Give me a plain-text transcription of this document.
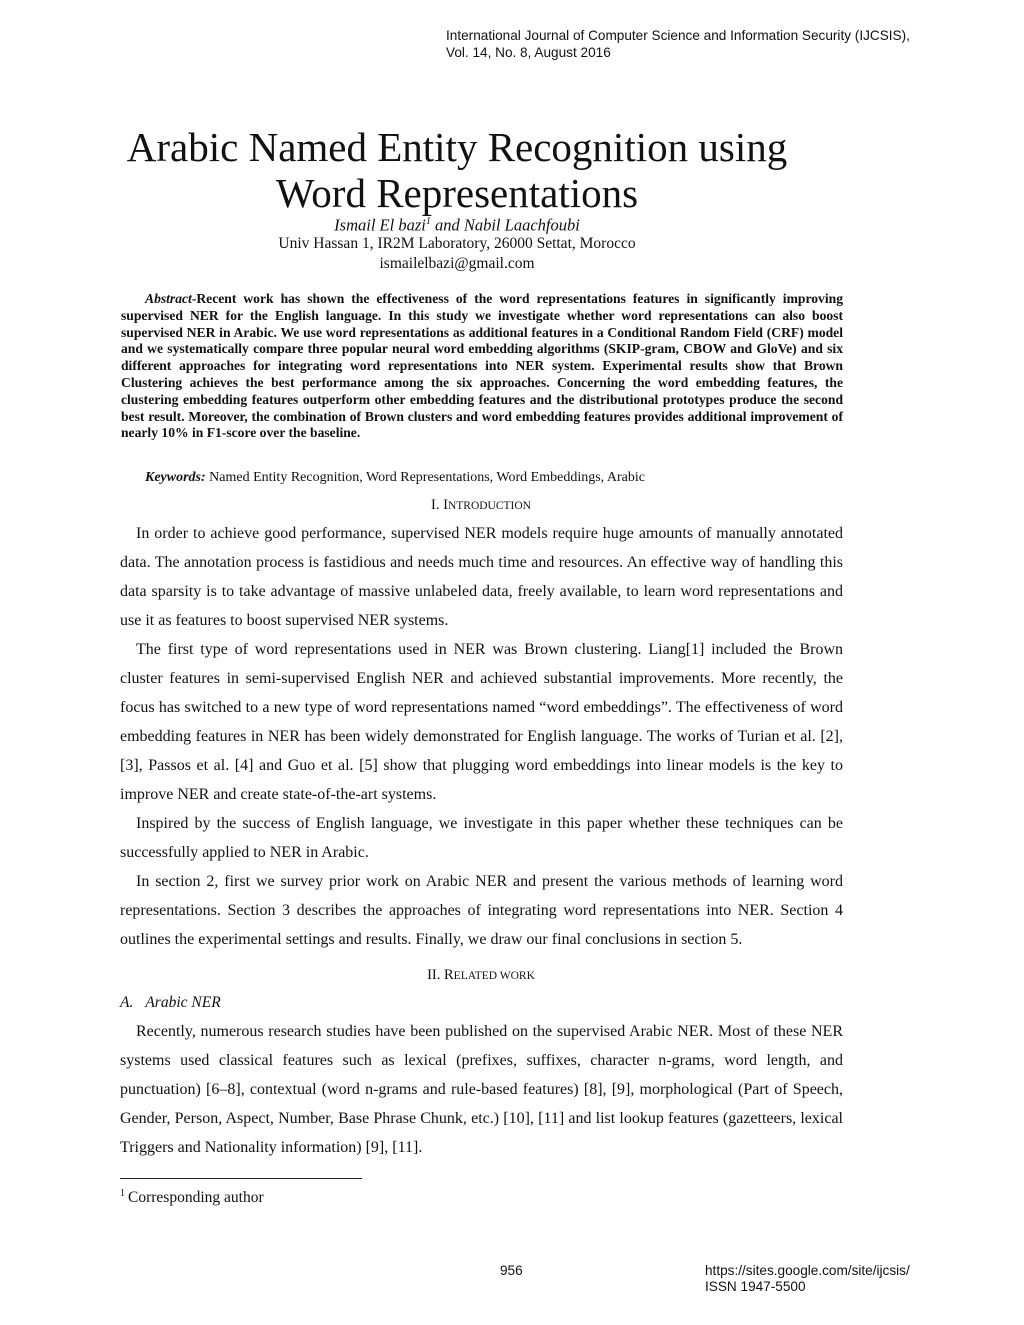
International Journal of Computer Science and Information Security (IJCSIS),
Vol. 14, No. 8, August 2016
Arabic Named Entity Recognition using
Word Representations
Ismail El bazi$^1$ and Nabil Laachfoubi
Univ Hassan 1, IR2M Laboratory, 26000 Settat, Morocco
ismailelbazi@gmail.com
Abstract-Recent work has shown the effectiveness of the word representations features in significantly improving supervised NER for the English language. In this study we investigate whether word representations can also boost supervised NER in Arabic. We use word representations as additional features in a Conditional Random Field (CRF) model and we systematically compare three popular neural word embedding algorithms (SKIP-gram, CBOW and GloVe) and six different approaches for integrating word representations into NER system. Experimental results show that Brown Clustering achieves the best performance among the six approaches. Concerning the word embedding features, the clustering embedding features outperform other embedding features and the distributional prototypes produce the second best result. Moreover, the combination of Brown clusters and word embedding features provides additional improvement of nearly 10% in F1-score over the baseline.
Keywords: Named Entity Recognition, Word Representations, Word Embeddings, Arabic
I. INTRODUCTION

In order to achieve good performance, supervised NER models require huge amounts of manually annotated data. The annotation process is fastidious and needs much time and resources. An effective way of handling this data sparsity is to take advantage of massive unlabeled data, freely available, to learn word representations and use it as features to boost supervised NER systems.

The first type of word representations used in NER was Brown clustering. Liang[1] included the Brown cluster features in semi-supervised English NER and achieved substantial improvements. More recently, the focus has switched to a new type of word representations named “word embeddings”. The effectiveness of word embedding features in NER has been widely demonstrated for English language. The works of Turian et al. [2], [3], Passos et al. [4] and Guo et al. [5] show that plugging word embeddings into linear models is the key to improve NER and create state-of-the-art systems.

Inspired by the success of English language, we investigate in this paper whether these techniques can be successfully applied to NER in Arabic.

In section 2, first we survey prior work on Arabic NER and present the various methods of learning word representations. Section 3 describes the approaches of integrating word representations into NER. Section 4 outlines the experimental settings and results. Finally, we draw our final conclusions in section 5.

II. RELATED WORK
A. Arabic NER

Recently, numerous research studies have been published on the supervised Arabic NER. Most of these NER systems used classical features such as lexical (prefixes, suffixes, character n-grams, word length, and punctuation) [6–8], contextual (word n-grams and rule-based features) [8], [9], morphological (Part of Speech, Gender, Person, Aspect, Number, Base Phrase Chunk, etc.) [10], [11] and list lookup features (gazetteers, lexical Triggers and Nationality information) [9], [11].

$^1$ Corresponding author
956	https://sites.google.com/site/ijcsis/
ISSN 1947-5500
